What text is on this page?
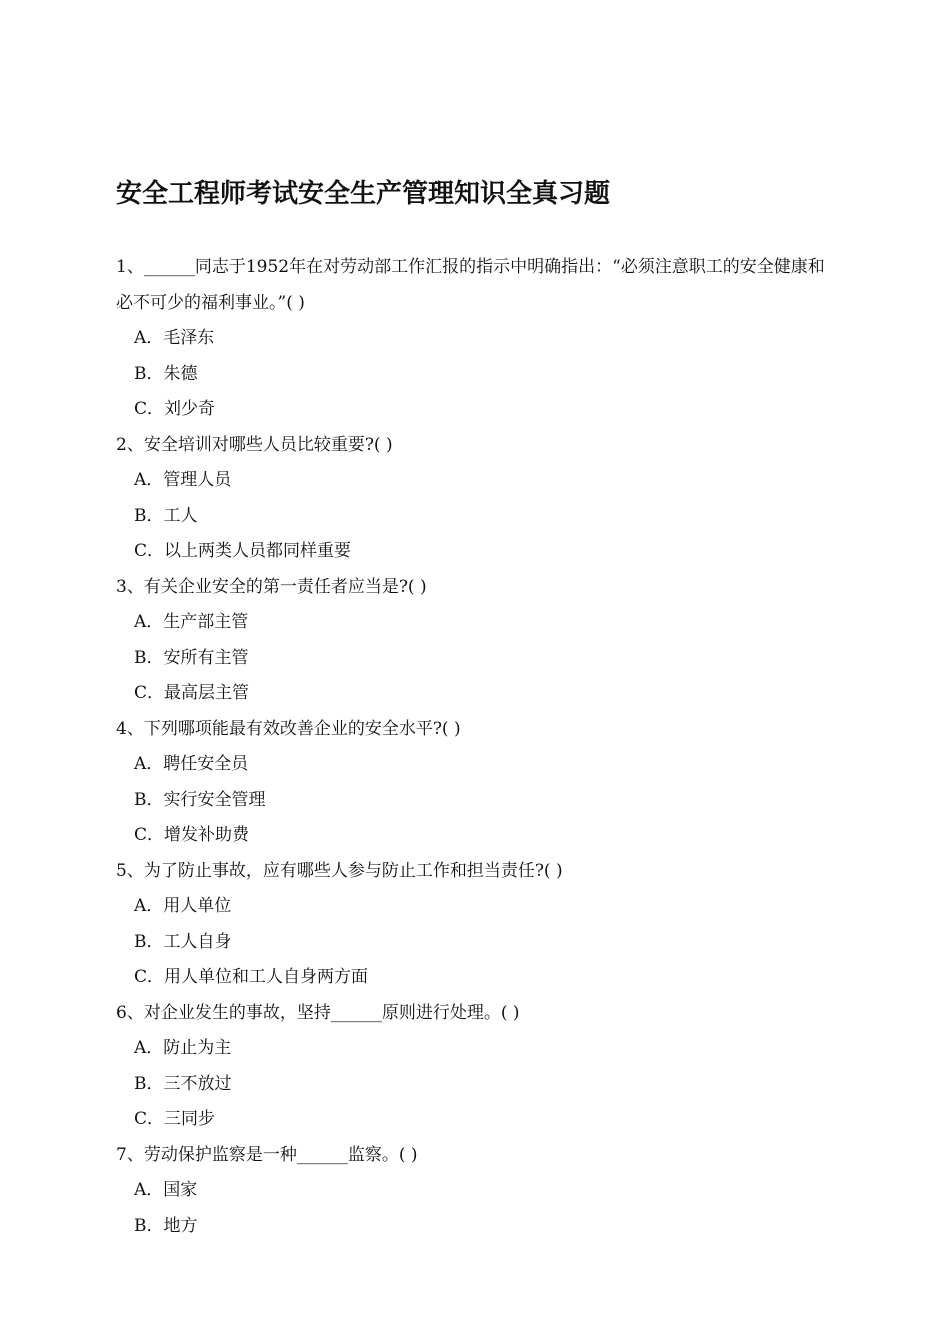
安全工程师考试安全生产管理知识全真习题

1、______同志于1952年在对劳动部工作汇报的指示中明确指出：“必须注意职工的安全健康和必不可少的福利事业。”( )

A．毛泽东

B．朱德

C．刘少奇

2、安全培训对哪些人员比较重要?( )

A．管理人员

B．工人

C．以上两类人员都同样重要

3、有关企业安全的第一责任者应当是?( )

A．生产部主管

B．安所有主管

C．最高层主管

4、下列哪项能最有效改善企业的安全水平?( )

A．聘任安全员

B．实行安全管理

C．增发补助费

5、为了防止事故，应有哪些人参与防止工作和担当责任?( )

A．用人单位

B．工人自身

C．用人单位和工人自身两方面

6、对企业发生的事故，坚持______原则进行处理。( )

A．防止为主

B．三不放过

C．三同步

7、劳动保护监察是一种______监察。( )

A．国家

B．地方
